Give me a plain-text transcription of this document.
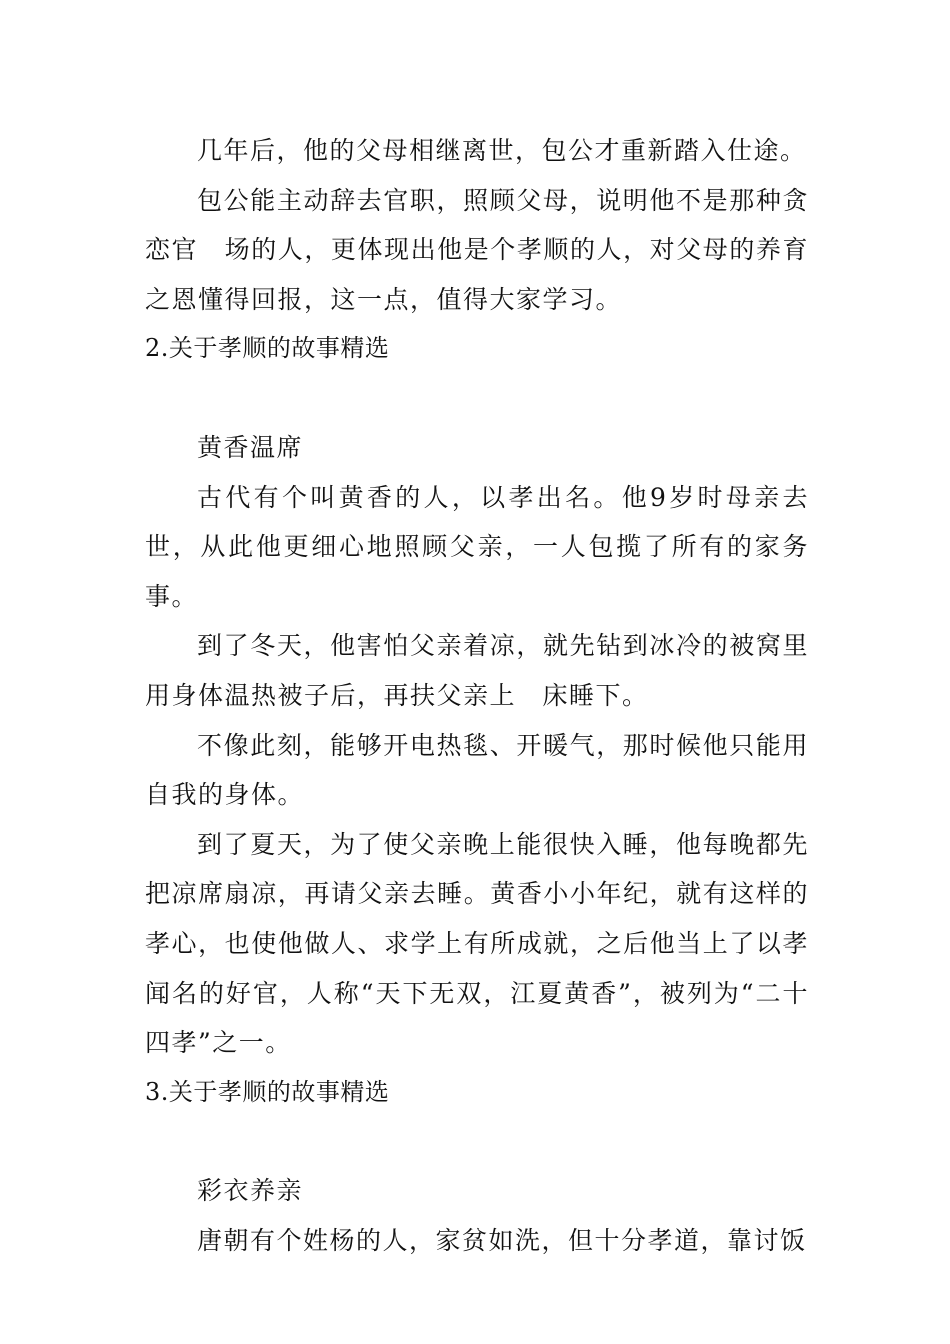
几年后，他的父母相继离世，包公才重新踏入仕途。

包公能主动辞去官职，照顾父母，说明他不是那种贪恋官　场的人，更体现出他是个孝顺的人，对父母的养育之恩懂得回报，这一点，值得大家学习。

2.关于孝顺的故事精选

黄香温席

古代有个叫黄香的人，以孝出名。他9岁时母亲去世，从此他更细心地照顾父亲，一人包揽了所有的家务事。

到了冬天，他害怕父亲着凉，就先钻到冰冷的被窝里用身体温热被子后，再扶父亲上　床睡下。

不像此刻，能够开电热毯、开暖气，那时候他只能用自我的身体。

到了夏天，为了使父亲晚上能很快入睡，他每晚都先把凉席扇凉，再请父亲去睡。黄香小小年纪，就有这样的孝心，也使他做人、求学上有所成就，之后他当上了以孝闻名的好官，人称“天下无双，江夏黄香”，被列为“二十四孝”之一。

3.关于孝顺的故事精选

彩衣养亲

唐朝有个姓杨的人，家贫如洗，但十分孝道，靠讨饭
